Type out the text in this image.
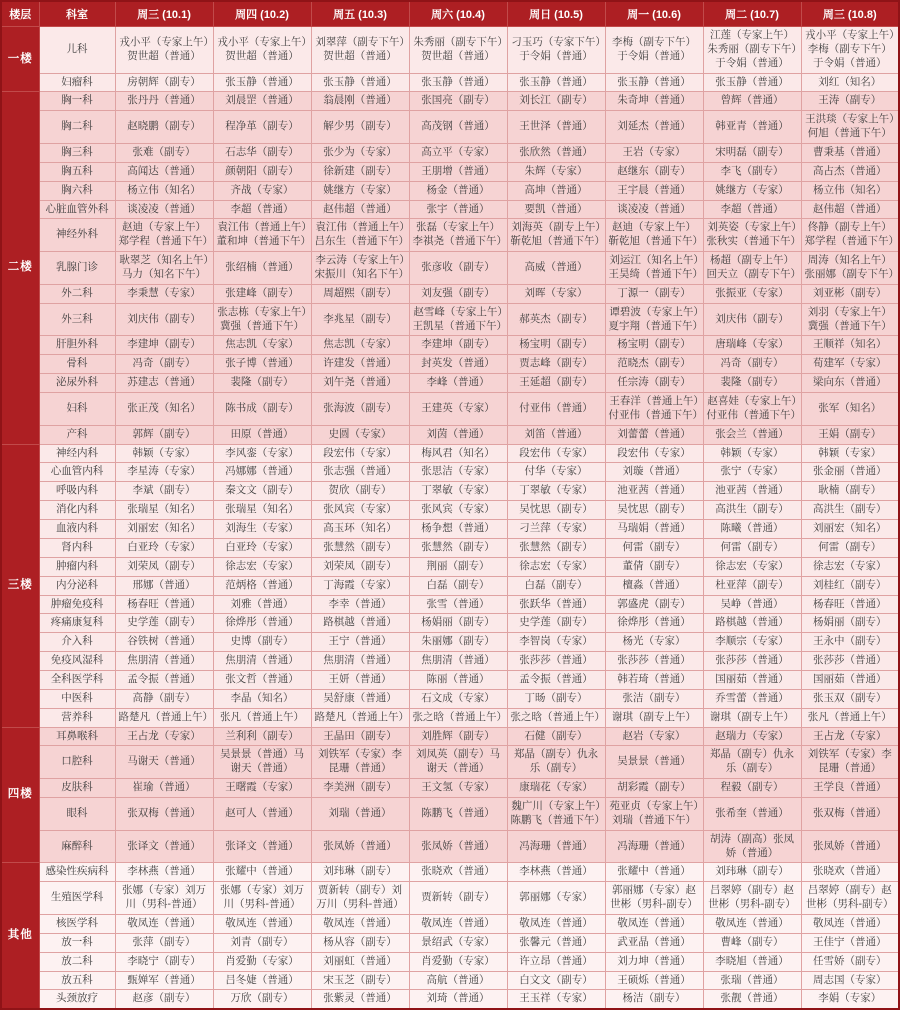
楼层	科室	周三 (10.1)	周四 (10.2)	周五 (10.3)	周六 (10.4)	周日 (10.5)	周一 (10.6)	周二 (10.7)	周三 (10.8)
一楼	儿科	戎小平（专家上午）贺世超（普通）	戎小平（专家上午）贺世超（普通）	刘翠萍（副专下午）贺世超（普通）	朱秀丽（副专下午）贺世超（普通）	刁玉巧（专家下午）于令娟（普通）	李梅（副专下午）于令娟（普通）	江莲（专家上午）朱秀丽（副专下午）于令娟（普通）	戎小平（专家上午）李梅（副专下午）于令娟（普通）
	妇瘤科	房朝辉（副专）	张玉静（普通）	张玉静（普通）	张玉静（普通）	张玉静（普通）	张玉静（普通）	张玉静（普通）	刘红（知名）
二楼	胸一科	张丹丹（普通）	刘晨罡（普通）	翁晨刚（普通）	张国亮（副专）	刘长江（副专）	朱奇坤（普通）	曾辉（普通）	王涛（副专）
	胸二科	赵晓鹏（副专）	程净革（副专）	解少男（副专）	高茂钢（普通）	王世泽（普通）	刘延杰（普通）	韩亚青（普通）	王洪琰（专家上午）何旭（普通下午）
	胸三科	张难（副专）	石志华（副专）	张少为（专家）	高立平（专家）	张欣然（普通）	王岩（专家）	宋明磊（副专）	曹秉基（普通）
	胸五科	高闻达（普通）	颜朝阳（副专）	徐新建（副专）	王朋增（普通）	朱辉（专家）	赵继东（副专）	李飞（副专）	高占杰（普通）
	胸六科	杨立伟（知名）	齐战（专家）	姚继方（专家）	杨金（普通）	高坤（普通）	王宇晨（普通）	姚继方（专家）	杨立伟（知名）
	心脏血管外科	谈凌凌（普通）	李超（普通）	赵伟超（普通）	张宇（普通）	要凯（普通）	谈凌凌（普通）	李超（普通）	赵伟超（普通）
	神经外科	赵迪（专家上午）郑学程（普通下午）	袁江伟（普通上午）董和坤（普通下午）	袁江伟（普通上午）吕东生（普通下午）	张磊（专家上午）李祺尧（普通下午）	刘海英（副专上午）靳乾旭（普通下午）	赵迪（专家上午）靳乾旭（普通下午）	刘英姿（专家上午）张秋实（普通下午）	佟静（副专上午）郑学程（普通下午）
	乳腺门诊	耿翠芝（知名上午）马力（知名下午）	张绍楠（普通）	李云涛（专家上午）宋振川（知名下午）	张彦收（副专）	高威（普通）	刘运江（知名上午）王昊绮（普通下午）	杨超（副专上午）回天立（副专下午）	周涛（知名上午）张丽娜（副专下午）
	外二科	李秉慧（专家）	张建峰（副专）	周超熙（副专）	刘友强（副专）	刘晖（专家）	丁源一（副专）	张振亚（专家）	刘亚彬（副专）
	外三科	刘庆伟（副专）	张志栋（专家上午）冀强（普通下午）	李兆星（副专）	赵雪峰（专家上午）王凯星（普通下午）	郝英杰（副专）	谭碧波（专家上午）夏宇翔（普通下午）	刘庆伟（副专）	刘羽（专家上午）冀强（普通下午）
	肝胆外科	李建坤（副专）	焦志凯（专家）	焦志凯（专家）	李建坤（副专）	杨宝明（副专）	杨宝明（副专）	唐瑞峰（专家）	王顺祥（知名）
	骨科	冯奇（副专）	张子博（普通）	许建发（普通）	封英发（普通）	贾志峰（副专）	范晓杰（副专）	冯奇（副专）	荀建军（专家）
	泌尿外科	苏建志（普通）	裴隆（副专）	刘午尧（普通）	李峰（普通）	王延超（副专）	任宗涛（副专）	裴隆（副专）	梁向东（普通）
	妇科	张正茂（知名）	陈书成（副专）	张海波（副专）	王建英（专家）	付亚伟（普通）	王春洋（普通上午）付亚伟（普通下午）	赵喜娃（专家上午）付亚伟（普通下午）	张军（知名）
	产科	郭辉（副专）	田原（普通）	史圆（专家）	刘茵（普通）	刘笛（普通）	刘蕾蕾（普通）	张会兰（普通）	王娟（副专）
三楼	神经内科	韩颖（专家）	李风銮（专家）	段宏伟（专家）	梅风君（知名）	段宏伟（专家）	段宏伟（专家）	韩颖（专家）	韩颖（专家）
	心血管内科	李星涛（专家）	冯娜娜（普通）	张志强（普通）	张思洁（专家）	付华（专家）	刘璇（普通）	张宁（专家）	张金丽（普通）
	呼吸内科	李斌（副专）	秦文文（副专）	贺欣（副专）	丁翠敏（专家）	丁翠敏（专家）	池亚茜（普通）	池亚茜（普通）	耿楠（副专）
	消化内科	张瑞星（知名）	张瑞星（知名）	张风宾（专家）	张风宾（专家）	吴忱思（副专）	吴忱思（副专）	高洪生（副专）	高洪生（副专）
	血液内科	刘丽宏（知名）	刘海生（专家）	高玉环（知名）	杨争想（普通）	刁兰萍（专家）	马瑞娟（普通）	陈曦（普通）	刘丽宏（知名）
	肾内科	白亚玲（专家）	白亚玲（专家）	张慧然（副专）	张慧然（副专）	张慧然（副专）	何雷（副专）	何雷（副专）	何雷（副专）
	肿瘤内科	刘荣凤（副专）	徐志宏（专家）	刘荣凤（副专）	荆丽（副专）	徐志宏（专家）	董倩（副专）	徐志宏（专家）	徐志宏（专家）
	内分泌科	邢娜（普通）	范炳格（普通）	丁海霞（专家）	白磊（副专）	白磊（副专）	檀淼（普通）	杜亚萍（副专）	刘桂红（副专）
	肿瘤免疫科	杨春旺（普通）	刘雅（普通）	李幸（普通）	张雪（普通）	张跃华（普通）	郭盛虎（副专）	吴峥（普通）	杨春旺（普通）
	疼痛康复科	史学莲（副专）	徐烨彤（普通）	路棋越（普通）	杨娟丽（副专）	史学莲（副专）	徐烨彤（普通）	路棋越（普通）	杨娟丽（副专）
	介入科	谷铁树（普通）	史博（副专）	王宁（普通）	朱丽娜（副专）	李智岗（专家）	杨光（专家）	李顺宗（专家）	王永中（副专）
	免疫风湿科	焦朋清（普通）	焦朋清（普通）	焦朋清（普通）	焦朋清（普通）	张莎莎（普通）	张莎莎（普通）	张莎莎（普通）	张莎莎（普通）
	全科医学科	孟令振（普通）	张文哲（普通）	王妍（普通）	陈丽（普通）	孟令振（普通）	韩若琦（普通）	国丽茹（普通）	国丽茹（普通）
	中医科	高静（副专）	李晶（知名）	吴舒康（普通）	石文成（专家）	丁旸（副专）	张洁（副专）	乔雪蕾（普通）	张玉双（副专）
	营养科	路楚凡（普通上午）	张凡（普通上午）	路楚凡（普通上午）	张之晗（普通上午）	张之晗（普通上午）	谢琪（副专上午）	谢琪（副专上午）	张凡（普通上午）
四楼	耳鼻喉科	王占龙（专家）	兰利利（副专）	王晶田（副专）	刘胜辉（副专）	石健（副专）	赵岩（专家）	赵瑞力（专家）	王占龙（专家）
	口腔科	马谢天（普通）	吴景景（普通）马谢天（普通）	刘铁军（专家）李昆珊（普通）	刘凤英（副专）马谢天（普通）	郑晶（副专）仇永乐（副专）	吴景景（普通）	郑晶（副专）仇永乐（副专）	刘铁军（专家）李昆珊（普通）
	皮肤科	崔瑜（普通）	王曙霞（专家）	李美洲（副专）	王文氢（专家）	康瑞花（专家）	胡彩霞（副专）	程毅（副专）	王学良（普通）
	眼科	张双梅（普通）	赵可人（普通）	刘瑞（普通）	陈鹏飞（普通）	魏广川（专家上午）陈鹏飞（普通下午）	苑亚贞（专家上午）刘瑞（普通下午）	张希奎（普通）	张双梅（普通）
	麻醉科	张译文（普通）	张译文（普通）	张凤娇（普通）	张凤娇（普通）	冯海珊（普通）	冯海珊（普通）	胡涛（副高）张凤娇（普通）	张凤娇（普通）
其他	感染性疾病科	李林燕（普通）	张耀中（普通）	刘玮琳（副专）	张晓欢（普通）	李林燕（普通）	张耀中（普通）	刘玮琳（副专）	张晓欢（普通）
	生殖医学科	张娜（专家）刘万川（男科-普通）	张娜（专家）刘万川（男科-普通）	贾新转（副专）刘万川（男科-普通）	贾新转（副专）	郭丽娜（专家）	郭丽娜（专家）赵世彬（男科-副专）	吕翠婷（副专）赵世彬（男科-副专）	吕翠婷（副专）赵世彬（男科-副专）
	核医学科	敬凤连（普通）	敬凤连（普通）	敬凤连（普通）	敬凤连（普通）	敬凤连（普通）	敬凤连（普通）	敬凤连（普通）	敬凤连（普通）
	放一科	张萍（副专）	刘青（副专）	杨从容（副专）	景绍武（专家）	张馨元（普通）	武亚晶（普通）	曹峰（副专）	王佳宁（普通）
	放二科	李晓宁（副专）	肖爱勤（专家）	刘丽虹（普通）	肖爱勤（专家）	许立昂（普通）	刘力坤（普通）	李晓旭（普通）	任雪娇（副专）
	放五科	甄婵军（普通）	吕冬婕（普通）	宋玉芝（副专）	高航（普通）	白文文（副专）	王硕烁（普通）	张瑞（普通）	周志国（专家）
	头颈放疗	赵彦（副专）	万欣（副专）	张紫灵（普通）	刘琦（普通）	王玉祥（专家）	杨洁（副专）	张靓（普通）	李娟（专家）
